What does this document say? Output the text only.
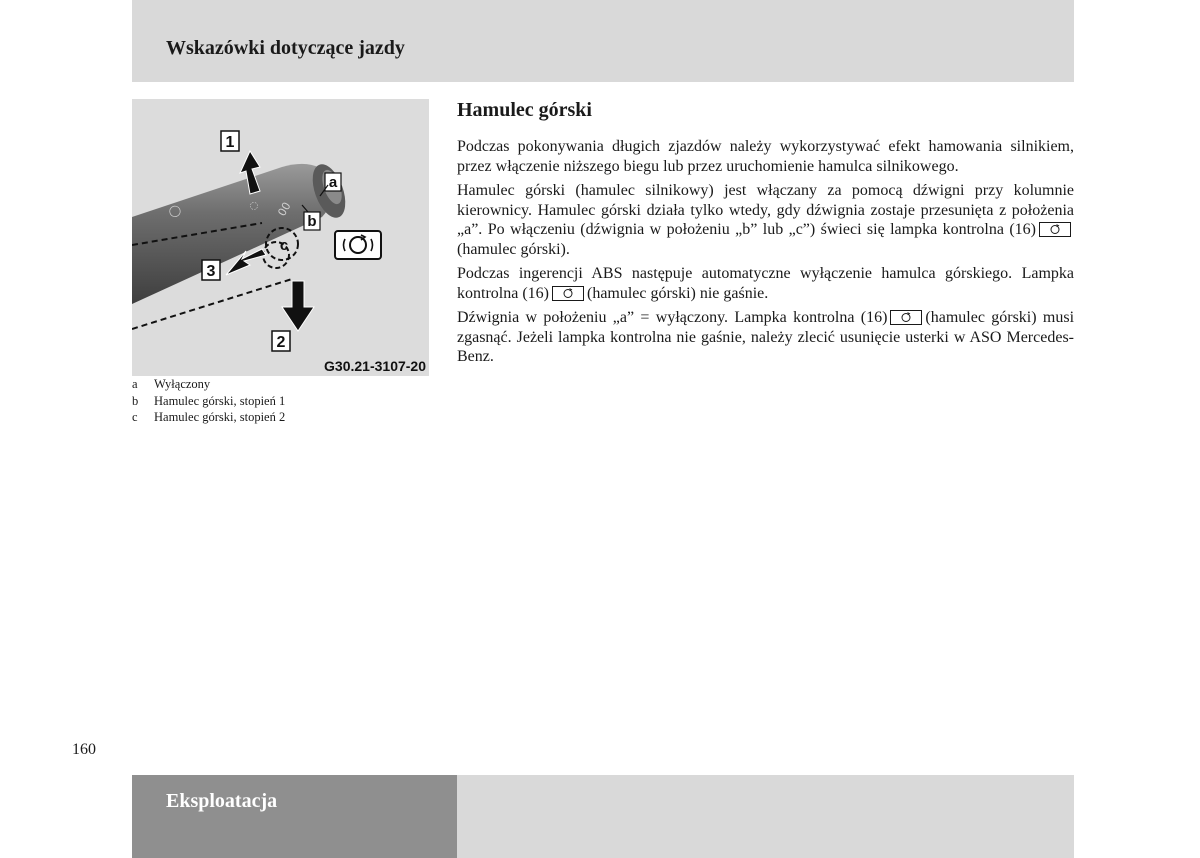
Wskazówki dotyczące jazdy
◯	◌ 00
1
3
2
a
b
c
G30.21-3107-20
a	Wyłączony
b	Hamulec górski, stopień 1
c	Hamulec górski, stopień 2
Hamulec górski

Podczas pokonywania długich zjazdów należy wykorzystywać efekt hamowania silnikiem, przez włączenie niższego biegu lub przez uruchomienie hamulca silnikowego.

Hamulec górski (hamulec silnikowy) jest włączany za pomocą dźwigni przy kolumnie kierownicy. Hamulec górski działa tylko wtedy, gdy dźwignia zostaje przesunięta z położenia „a”. Po włączeniu (dźwignia w położeniu „b” lub „c”) świeci się lampka kontrolna (16)
(hamulec górski).

Podczas ingerencji ABS następuje automatyczne wyłączenie hamulca górskiego. Lampka kontrolna (16) (hamulec górski) nie gaśnie.

Dźwignia w położeniu „a” = wyłączony. Lampka kontrolna (16) (hamulec górski) musi zgasnąć. Jeżeli lampka kontrolna nie gaśnie, należy zlecić usunięcie usterki w ASO Mercedes-Benz.

160
Eksploatacja
